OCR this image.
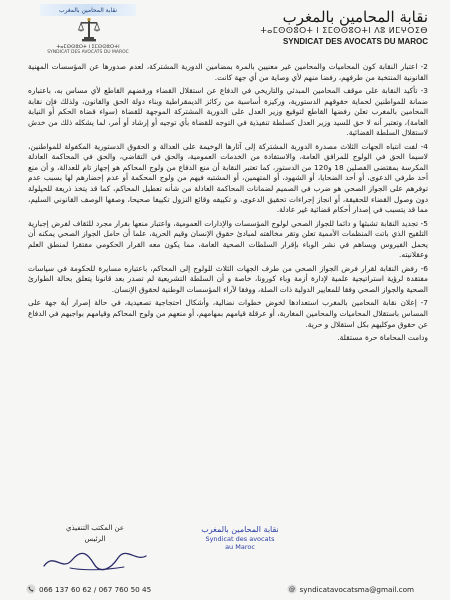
نقابة المحامين بالمغرب
ⵜⴰⵎⵙⵙⵓⵔⵜ ⵏ ⵉⵎⵙⵙⵓⵔⵜⵏ
SYNDICAT DES AVOCATS DU MAROC
نقابة المحامين بالمغرب
ⵜⴰⵎⵙⵙⵓⵔⵜ ⵏ ⵉⵎⵙⵙⵓⵔⵜⵏ ⴷⵓ ⵍⵎⵖⵔⵉⴱ
SYNDICAT DES AVOCATS DU MAROC

2- اعتبار النقابة كون المحاميات والمحامين غير معنيين بالمرة بمضامين الدورية المشتركة، لعدم صدورها عن المؤسسات المهنية القانونية المنتخبة من طرفهم، رفضا منهم لأي وصاية من أي جهة كانت.

3- تأكيد النقابة على موقف المحامين المبدئي والتاريخي في الدفاع عن استقلال القضاء ورفضهم القاطع لأي مساس به، باعتباره ضمانة للمواطنين لحماية حقوقهم الدستورية، وركيزة أساسية من ركائز الديمقراطية وبناء دولة الحق والقانون، ولذلك فإن نقابة المحامين بالمغرب تعلن رفضها القاطع لتوقيع وزير العدل على الدورية المشتركة الموجهة للقضاة (سواء قضاة الحكم أو النيابة العامة)، وتعتبر أنه لا حق للسيد وزير العدل كسلطة تنفيذية في التوجه للقضاة بأي توجيه أو إرشاد أو أمر، لما يشكله ذلك من خدش لاستقلال السلطة القضائية.

4- لفت انتباه الجهات الثلاث مصدرة الدورية المشتركة إلى آثارها الوخيمة على العدالة و الحقوق الدستورية المكفولة للمواطنين، لاسيما الحق في الولوج للمرافق العامة، والاستفادة من الخدمات العمومية، والحق في التقاضي، والحق في المحاكمة العادلة المكرسة بمقتضى الفصلين 18 و120 من الدستور، كما تعتبر النقابة أن منع الدفاع من ولوج المحاكم هو إجهاز تام للعدالة، و أن منع أحد طرفي الدعوى، أو أحد الضحايا، أو الشهود، أو المتهمين، أو المشتبه فيهم من ولوج المحكمة أو عدم إحضارهم لها بسبب عدم توفرهم على الجواز الصحي هو ضرب في الصميم لضمانات المحاكمة العادلة من شأنه تعطيل المحاكم، كما قد يتخذ ذريعة للحيلولة دون وصول القضاء للحقيقة، أو انجاز إجراءات تحقيق الدعوى، و تكييفه وقائع النزول تكييفا صحيحا، وصفها الوصف القانوني السليم، مما قد يتسبب في إصدار أحكام قضائية غير عادلة.

5- تجديد النقابة تشبثها و دائما للجواز الصحي لولوج المؤسسات والإدارات العمومية، واعتبار منعها بقرار مجرد للثقاف لفرض إجبارية التلقيح الذي باتت المنظمات الأممية تعلن وتقر مخالفته لمبادئ حقوق الإنسان وقيم الحرية، علما أن حامل الجواز الصحي يمكنه أن يحمل الفيروس ويساهم في نشر الوباء بإقرار السلطات الصحية العامة، مما يكون معه القرار الحكومي مفتقرا لمنطق العلم وعقلانيته.

6- رفض النقابة لقرار فرض الجواز الصحي من طرف الجهات الثلاث للولوج إلى المحاكم، باعتباره مسايرة للحكومة في سياسات مفتقدة لرؤية استراتيجية علمية لإدارة أزمة وباء كورونا، خاصة و أن السلطة التشريعية لم تصدر بعد قانونا يتعلق بحالة الطوارئ الصحية والجواز الصحي وفقا للمعايير الدولية ذات الصلة، ووفقا لآراء المؤسسات الوطنية لحقوق الإنسان.

7- إعلان نقابة المحامين بالمغرب استعدادها لخوض خطوات نضالية، وأشكال احتجاجية تصعيدية، في حالة إصرار أية جهة على المساس باستقلال المحاميات والمحامين المغاربة، أو عرقلة قيامهم بمهامهم، أو منعهم من ولوج المحاكم وقيامهم بواجبهم في الدفاع عن حقوق موكليهم بكل استقلال و حرية.

ودامت المحاماة حرة مستقلة.

عن المكتب التنفيذي
الرئيس
نقابة المحامين بالمغرب
Syndicat des avocats
au Maroc
066 137 60 62 / 067 760 50 45	@ syndicatavocatsma@gmail.com
